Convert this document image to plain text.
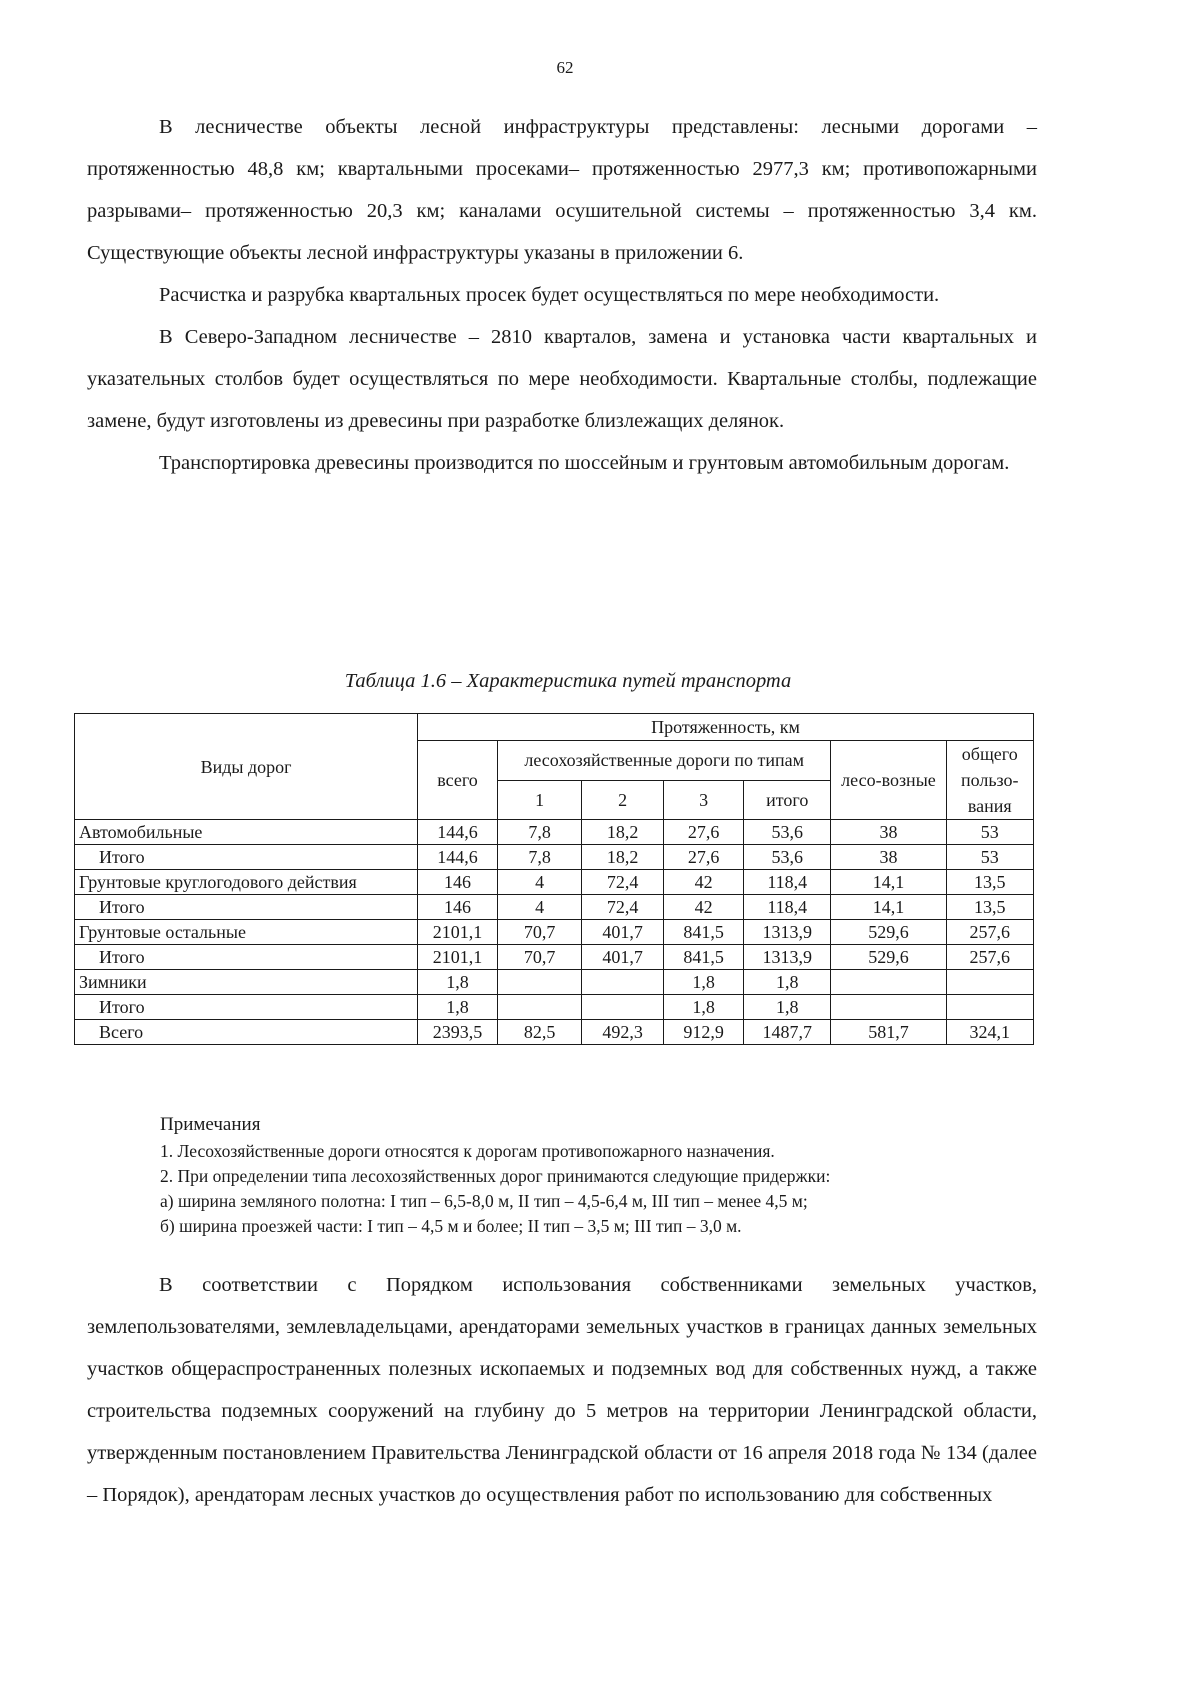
62

В лесничестве объекты лесной инфраструктуры представлены: лесными дорогами – протяженностью 48,8 км; квартальными просеками– протяженностью 2977,3 км; противопожарными разрывами– протяженностью 20,3 км; каналами осушительной системы – протяженностью 3,4 км. Существующие объекты лесной инфраструктуры указаны в приложении 6.

Расчистка и разрубка квартальных просек будет осуществляться по мере необходимости.

В Северо-Западном лесничестве – 2810 кварталов, замена и установка части квартальных и указательных столбов будет осуществляться по мере необходимости. Квартальные столбы, подлежащие замене, будут изготовлены из древесины при разработке близлежащих делянок.

Транспортировка древесины производится по шоссейным и грунтовым автомобильным дорогам.

Таблица 1.6 – Характеристика путей транспорта
Виды дорог	Протяженность, км						
	всего	лесохозяйственные дороги по типам				лесо-возные	общего пользо-вания
		1	2	3	итого		
Автомобильные	144,6	7,8	18,2	27,6	53,6	38	53
Итого	144,6	7,8	18,2	27,6	53,6	38	53
Грунтовые круглогодового действия	146	4	72,4	42	118,4	14,1	13,5
Итого	146	4	72,4	42	118,4	14,1	13,5
Грунтовые остальные	2101,1	70,7	401,7	841,5	1313,9	529,6	257,6
Итого	2101,1	70,7	401,7	841,5	1313,9	529,6	257,6
Зимники	1,8			1,8	1,8		
Итого	1,8			1,8	1,8		
Всего	2393,5	82,5	492,3	912,9	1487,7	581,7	324,1
Примечания
1. Лесохозяйственные дороги относятся к дорогам противопожарного назначения.
2. При определении типа лесохозяйственных дорог принимаются следующие придержки:
а) ширина земляного полотна: I тип – 6,5-8,0 м, II тип – 4,5-6,4 м, III тип – менее 4,5 м;
б) ширина проезжей части: I тип – 4,5 м и более; II тип – 3,5 м; III тип – 3,0 м.

В соответствии с Порядком использования собственниками земельных участков, землепользователями, землевладельцами, арендаторами земельных участков в границах данных земельных участков общераспространенных полезных ископаемых и подземных вод для собственных нужд, а также строительства подземных сооружений на глубину до 5 метров на территории Ленинградской области, утвержденным постановлением Правительства Ленинградской области от 16 апреля 2018 года № 134 (далее – Порядок), арендаторам лесных участков до осуществления работ по использованию для собственных
